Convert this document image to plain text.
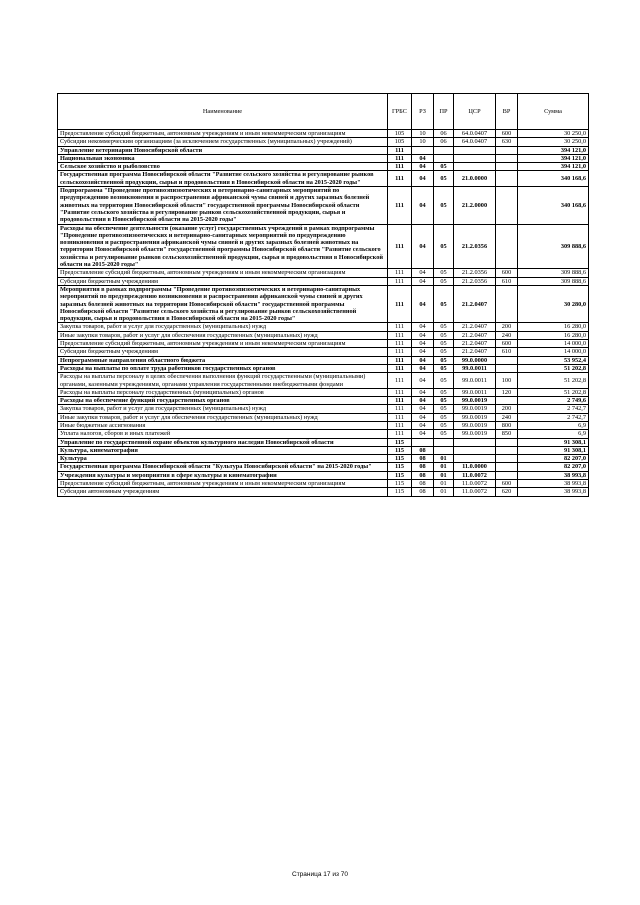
Наименование	ГРБС	РЗ	ПР	ЦСР	ВР	Сумма
Предоставление субсидий бюджетным, автономным учреждениям и иным некоммерческим организациям	105	10	06	64.0.0407	600	30 250,0
Субсидии некоммерческим организациям (за исключением государственных (муниципальных) учреждений)	105	10	06	64.0.0407	630	30 250,0
Управление ветеринарии Новосибирской области	111					394 121,0
Национальная экономика	111	04				394 121,0
Сельское хозяйство и рыболовство	111	04	05			394 121,0
Государственная программа Новосибирской области "Развитие сельского хозяйства и регулирование рынков сельскохозяйственной продукции, сырья и продовольствия в Новосибирской области на 2015-2020 годы"	111	04	05	21.0.0000		340 168,6
Подпрограмма "Проведение противоэпизоотических и ветеринарно-санитарных мероприятий по предупреждению возникновения и распространения африканской чумы свиней и других заразных болезней животных на территории Новосибирской области" государственной программы Новосибирской области "Развитие сельского хозяйства и регулирование рынков сельскохозяйственной продукции, сырья и продовольствия в Новосибирской области на 2015-2020 годы"	111	04	05	21.2.0000		340 168,6
Расходы на обеспечение деятельности (оказание услуг) государственных учреждений в рамках подпрограммы "Проведение противоэпизоотических и ветеринарно-санитарных мероприятий по предупреждению возникновения и распространения африканской чумы свиней и других заразных болезней животных на территории Новосибирской области" государственной программы Новосибирской области "Развитие сельского хозяйства и регулирование рынков сельскохозяйственной продукции, сырья и продовольствия в Новосибирской области на 2015-2020 годы"	111	04	05	21.2.0356		309 888,6
Предоставление субсидий бюджетным, автономным учреждениям и иным некоммерческим организациям	111	04	05	21.2.0356	600	309 888,6
Субсидии бюджетным учреждениям	111	04	05	21.2.0356	610	309 888,6
Мероприятия в рамках подпрограммы "Проведение противоэпизоотических и ветеринарно-санитарных мероприятий по предупреждению возникновения и распространения африканской чумы свиней и других заразных болезней животных на территории Новосибирской области" государственной программы Новосибирской области "Развитие сельского хозяйства и регулирование рынков сельскохозяйственной продукции, сырья и продовольствия в Новосибирской области на 2015-2020 годы"	111	04	05	21.2.0407		30 280,0
Закупка товаров, работ и услуг для государственных (муниципальных) нужд	111	04	05	21.2.0407	200	16 280,0
Иные закупки товаров, работ и услуг для обеспечения государственных (муниципальных) нужд	111	04	05	21.2.0407	240	16 280,0
Предоставление субсидий бюджетным, автономным учреждениям и иным некоммерческим организациям	111	04	05	21.2.0407	600	14 000,0
Субсидии бюджетным учреждениям	111	04	05	21.2.0407	610	14 000,0
Непрограммные направления областного бюджета	111	04	05	99.0.0000		53 952,4
Расходы на выплаты по оплате труда работников государственных органов	111	04	05	99.0.0011		51 202,8
Расходы на выплаты персоналу в целях обеспечения выполнения функций государственными (муниципальными) органами, казенными учреждениями, органами управления государственными внебюджетными фондами	111	04	05	99.0.0011	100	51 202,8
Расходы на выплаты персоналу государственных (муниципальных) органов	111	04	05	99.0.0011	120	51 202,8
Расходы на обеспечение функций государственных органов	111	04	05	99.0.0019		2 749,6
Закупка товаров, работ и услуг для государственных (муниципальных) нужд	111	04	05	99.0.0019	200	2 742,7
Иные закупки товаров, работ и услуг для обеспечения государственных (муниципальных) нужд	111	04	05	99.0.0019	240	2 742,7
Иные бюджетные ассигнования	111	04	05	99.0.0019	800	6,9
Уплата налогов, сборов и иных платежей	111	04	05	99.0.0019	850	6,9
Управление по государственной охране объектов культурного наследия Новосибирской области	115					91 308,1
Культура, кинематография	115	08				91 308,1
Культура	115	08	01			82 207,0
Государственная программа Новосибирской области "Культура Новосибирской области" на 2015-2020 годы"	115	08	01	11.0.0000		82 207,0
Учреждения культуры и мероприятия в сфере культуры и кинематографии	115	08	01	11.0.0072		38 993,8
Предоставление субсидий бюджетным, автономным учреждениям и иным некоммерческим организациям	115	08	01	11.0.0072	600	38 993,8
Субсидии автономным учреждениям	115	08	01	11.0.0072	620	38 993,8
Страница 17 из 70
